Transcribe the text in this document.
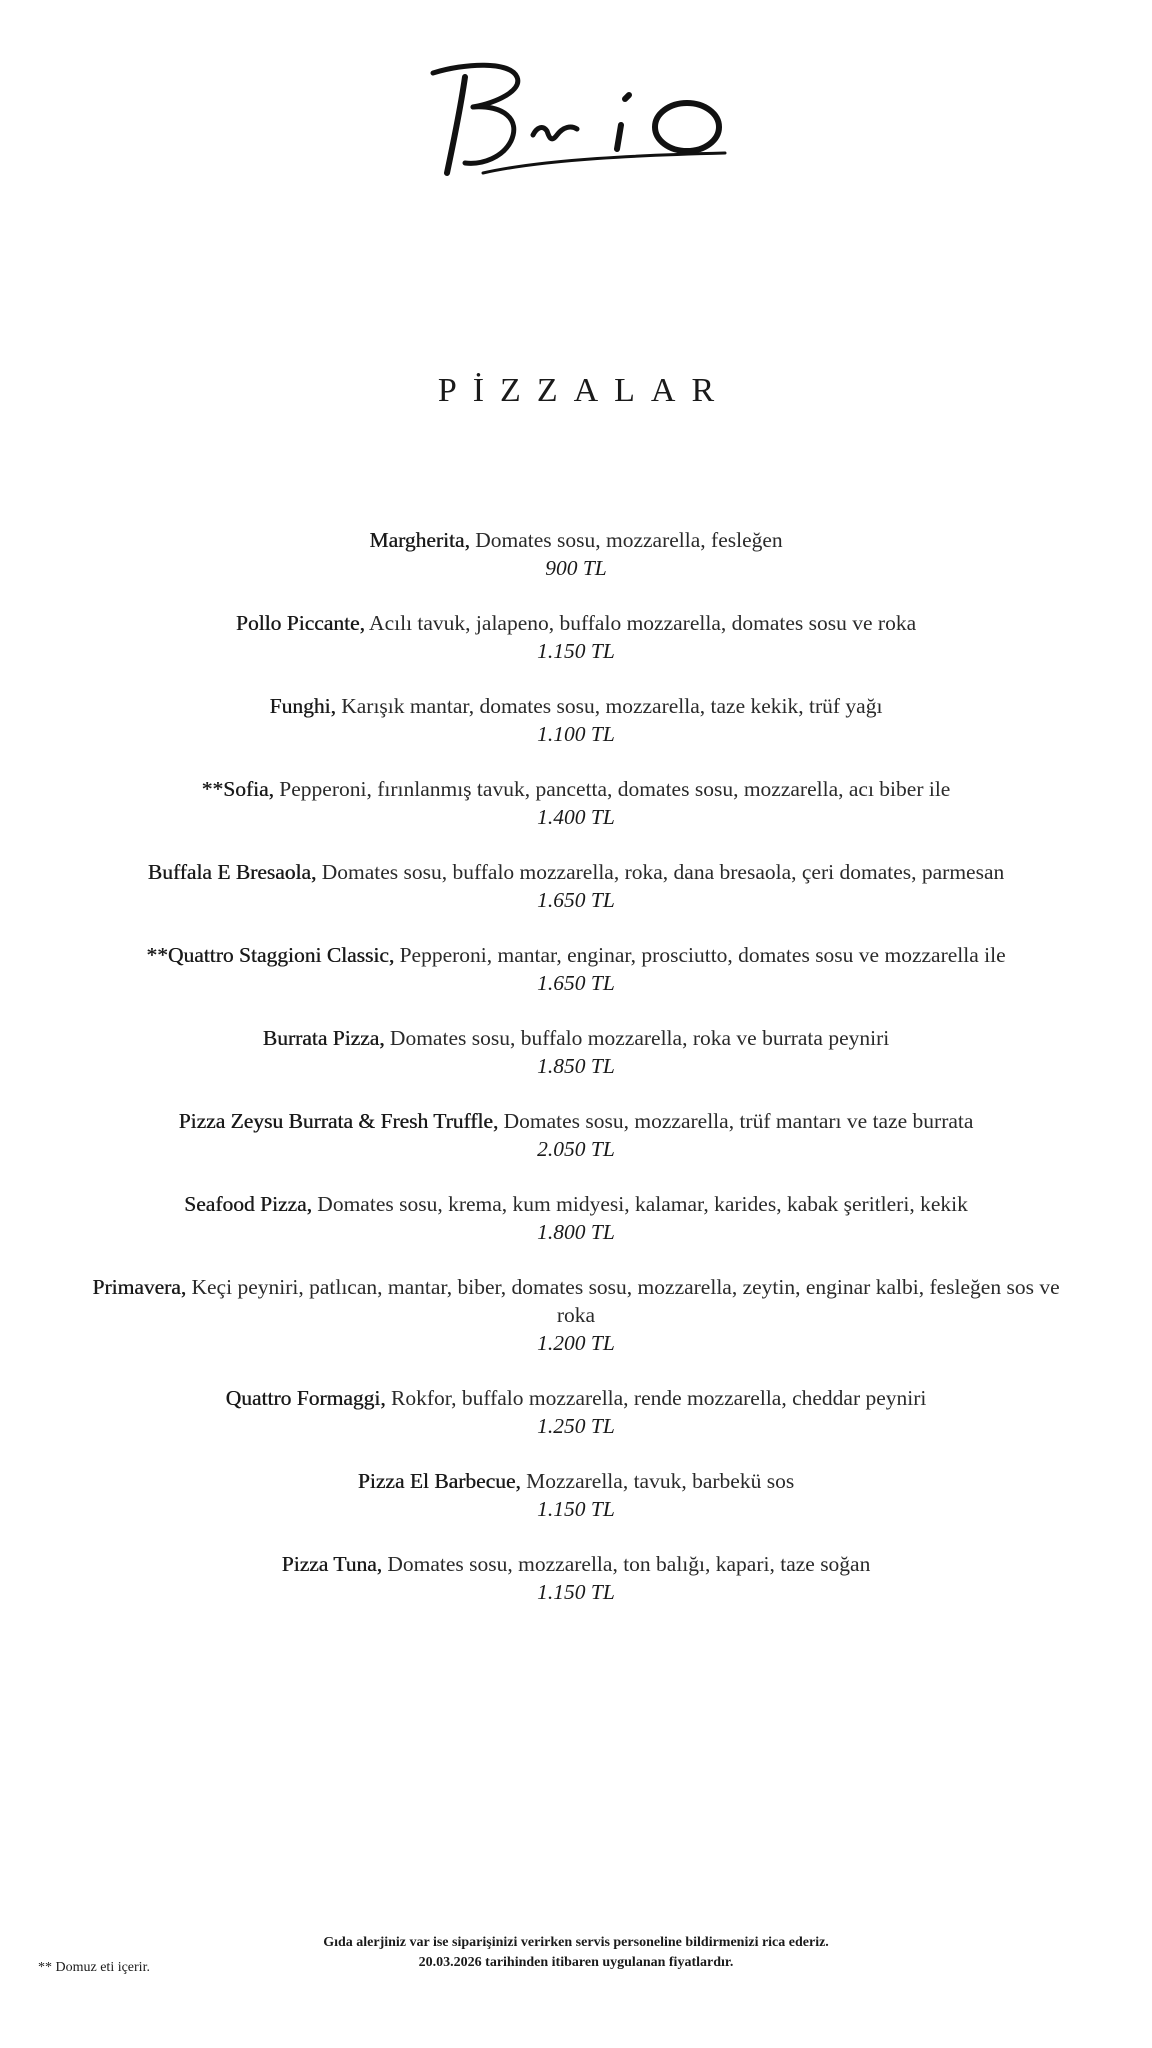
PİZZALAR
Margherita, Domates sosu, mozzarella, fesleğen
900 TL
Pollo Piccante, Acılı tavuk, jalapeno, buffalo mozzarella, domates sosu ve roka
1.150 TL
Funghi, Karışık mantar, domates sosu, mozzarella, taze kekik, trüf yağı
1.100 TL
**Sofia, Pepperoni, fırınlanmış tavuk, pancetta, domates sosu, mozzarella, acı biber ile
1.400 TL
Buffala E Bresaola, Domates sosu, buffalo mozzarella, roka, dana bresaola, çeri domates, parmesan
1.650 TL
**Quattro Staggioni Classic, Pepperoni, mantar, enginar, prosciutto, domates sosu ve mozzarella ile
1.650 TL
Burrata Pizza, Domates sosu, buffalo mozzarella, roka ve burrata peyniri
1.850 TL
Pizza Zeysu Burrata & Fresh Truffle, Domates sosu, mozzarella, trüf mantarı ve taze burrata
2.050 TL
Seafood Pizza, Domates sosu, krema, kum midyesi, kalamar, karides, kabak şeritleri, kekik
1.800 TL
Primavera, Keçi peyniri, patlıcan, mantar, biber, domates sosu, mozzarella, zeytin, enginar kalbi, fesleğen sos ve roka
1.200 TL
Quattro Formaggi, Rokfor, buffalo mozzarella, rende mozzarella, cheddar peyniri
1.250 TL
Pizza El Barbecue, Mozzarella, tavuk, barbekü sos
1.150 TL
Pizza Tuna, Domates sosu, mozzarella, ton balığı, kapari, taze soğan
1.150 TL
** Domuz eti içerir.
Gıda alerjiniz var ise siparişinizi verirken servis personeline bildirmenizi rica ederiz.
20.03.2026 tarihinden itibaren uygulanan fiyatlardır.
